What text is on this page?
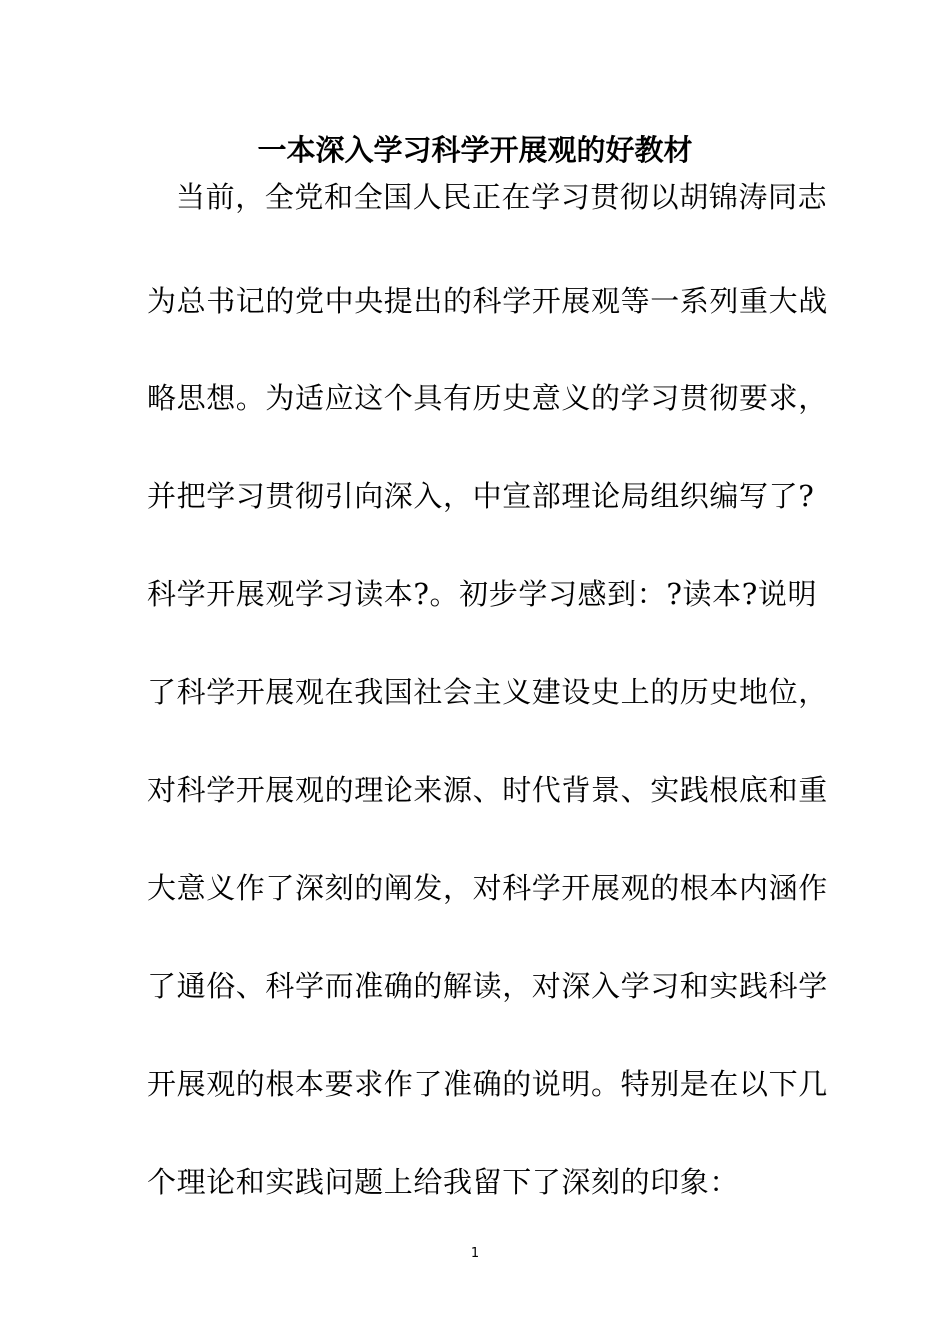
一本深入学习科学开展观的好教材
当前，全党和全国人民正在学习贯彻以胡锦涛同志
为总书记的党中央提出的科学开展观等一系列重大战
略思想。为适应这个具有历史意义的学习贯彻要求，
并把学习贯彻引向深入，中宣部理论局组织编写了?
科学开展观学习读本?。初步学习感到：?读本?说明
了科学开展观在我国社会主义建设史上的历史地位，
对科学开展观的理论来源、时代背景、实践根底和重
大意义作了深刻的阐发，对科学开展观的根本内涵作
了通俗、科学而准确的解读，对深入学习和实践科学
开展观的根本要求作了准确的说明。特别是在以下几
个理论和实践问题上给我留下了深刻的印象：
1
